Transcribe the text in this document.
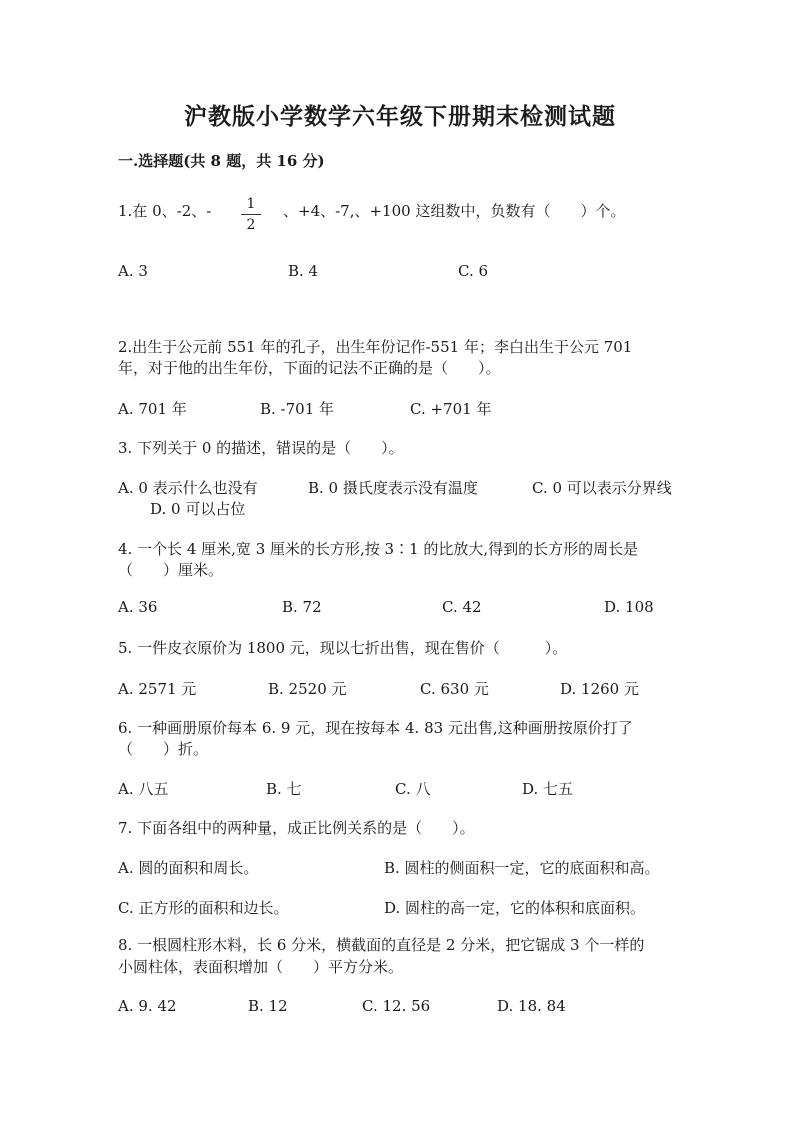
沪教版小学数学六年级下册期末检测试题
一.选择题(共 8 题，共 16 分)
1.在 0、-2、-	1
2
、+4、-7,、+100 这组数中，负数有（　　）个。
A. 3	B. 4	C. 6
2.出生于公元前 551 年的孔子，出生年份记作-551 年；李白出生于公元 701
年，对于他的出生年份，下面的记法不正确的是（　　）。
A. 701 年	B. -701 年	C. +701 年
3. 下列关于 0 的描述，错误的是（　　）。
A. 0 表示什么也没有	B. 0 摄氏度表示没有温度	C. 0 可以表示分界线
D. 0 可以占位
4. 一个长 4 厘米,宽 3 厘米的长方形,按 3∶1 的比放大,得到的长方形的周长是
（　　）厘米。
A. 36	B. 72	C. 42	D. 108
5. 一件皮衣原价为 1800 元，现以七折出售，现在售价（　　　）。
A. 2571 元	B. 2520 元	C. 630 元	D. 1260 元
6. 一种画册原价每本 6. 9 元，现在按每本 4. 83 元出售,这种画册按原价打了
（　　）折。
A. 八五	B. 七	C. 八	D. 七五
7. 下面各组中的两种量，成正比例关系的是（　　）。
A. 圆的面积和周长。	B. 圆柱的侧面积一定，它的底面积和高。
C. 正方形的面积和边长。	D. 圆柱的高一定，它的体积和底面积。
8. 一根圆柱形木料，长 6 分米，横截面的直径是 2 分米，把它锯成 3 个一样的
小圆柱体，表面积增加（　　）平方分米。
A. 9. 42	B. 12	C. 12. 56	D. 18. 84
